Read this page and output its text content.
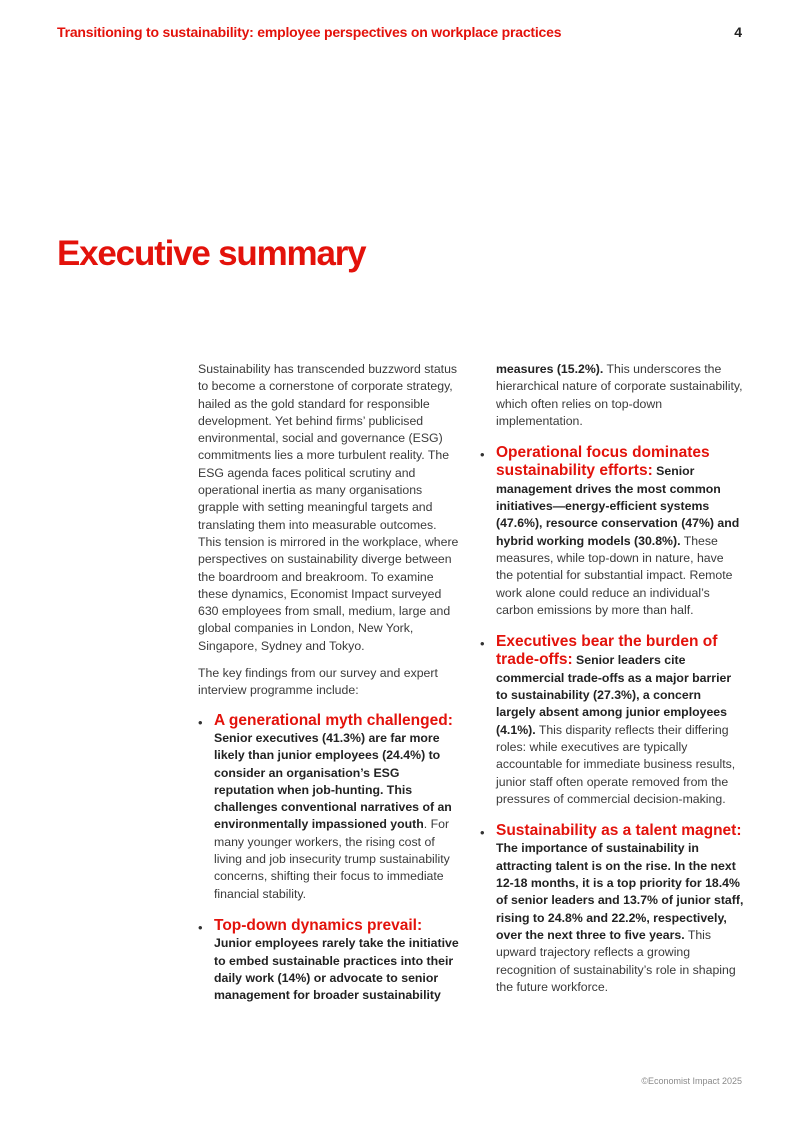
Transitioning to sustainability: employee perspectives on workplace practices	4
Executive summary

Sustainability has transcended buzzword status to become a cornerstone of corporate strategy, hailed as the gold standard for responsible development. Yet behind firms’ publicised environmental, social and governance (ESG) commitments lies a more turbulent reality. The ESG agenda faces political scrutiny and operational inertia as many organisations grapple with setting meaningful targets and translating them into measurable outcomes. This tension is mirrored in the workplace, where perspectives on sustainability diverge between the boardroom and breakroom. To examine these dynamics, Economist Impact surveyed 630 employees from small, medium, large and global companies in London, New York, Singapore, Sydney and Tokyo.

The key findings from our survey and expert interview programme include:

• A generational myth challenged:
Senior executives (41.3%) are far more likely than junior employees (24.4%) to consider an organisation’s ESG reputation when job-hunting. This challenges conventional narratives of an environmentally impassioned youth. For many younger workers, the rising cost of living and job insecurity trump sustainability concerns, shifting their focus to immediate financial stability.
• Top-down dynamics prevail:
Junior employees rarely take the initiative to embed sustainable practices into their daily work (14%) or advocate to senior management for broader sustainability

measures (15.2%). This underscores the hierarchical nature of corporate sustainability, which often relies on top-down implementation.

• Operational focus dominates sustainability efforts: Senior management drives the most common initiatives—energy-efficient systems (47.6%), resource conservation (47%) and hybrid working models (30.8%). These measures, while top-down in nature, have the potential for substantial impact. Remote work alone could reduce an individual’s carbon emissions by more than half.
• Executives bear the burden of trade-offs: Senior leaders cite commercial trade-offs as a major barrier to sustainability (27.3%), a concern largely absent among junior employees (4.1%). This disparity reflects their differing roles: while executives are typically accountable for immediate business results, junior staff often operate removed from the pressures of commercial decision-making.
• Sustainability as a talent magnet: The importance of sustainability in attracting talent is on the rise. In the next 12-18 months, it is a top priority for 18.4% of senior leaders and 13.7% of junior staff, rising to 24.8% and 22.2%, respectively, over the next three to five years. This upward trajectory reflects a growing recognition of sustainability’s role in shaping the future workforce.
©Economist Impact 2025
